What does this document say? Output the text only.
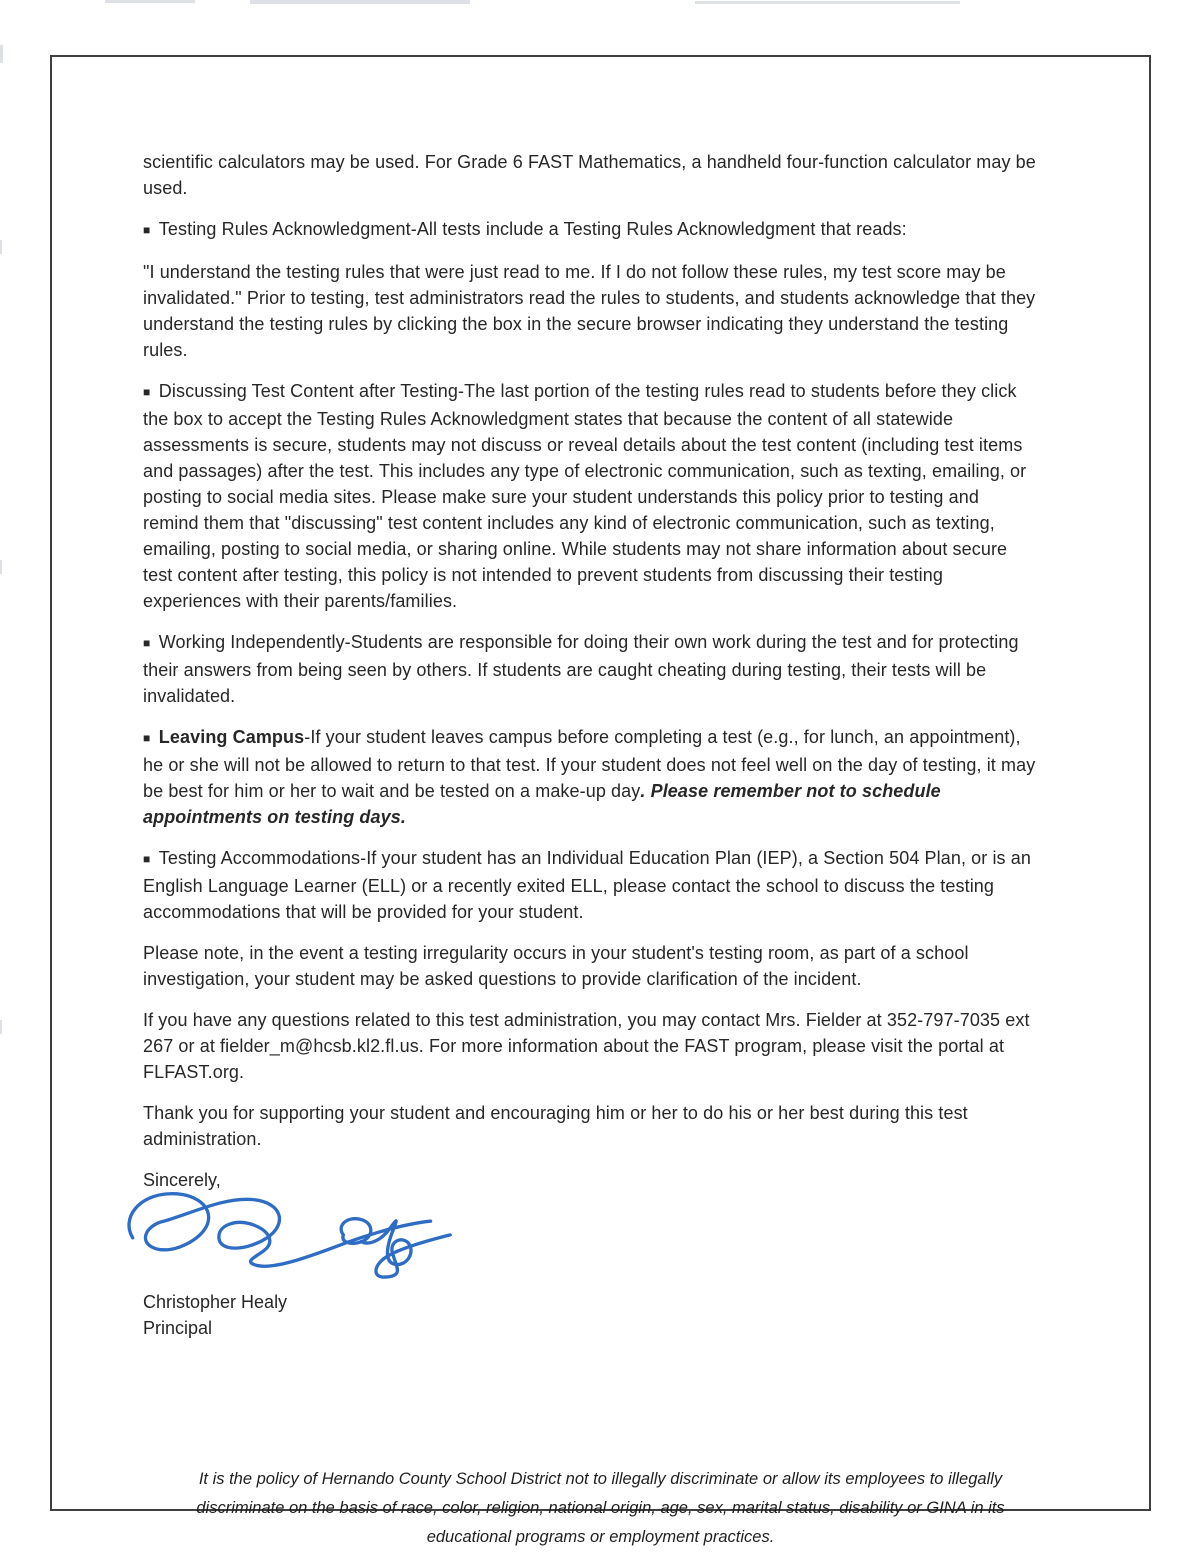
scientific calculators may be used. For Grade 6 FAST Mathematics, a handheld four-function calculator may be used.

■ Testing Rules Acknowledgment-All tests include a Testing Rules Acknowledgment that reads:

"I understand the testing rules that were just read to me. If I do not follow these rules, my test score may be invalidated." Prior to testing, test administrators read the rules to students, and students acknowledge that they understand the testing rules by clicking the box in the secure browser indicating they understand the testing rules.

■ Discussing Test Content after Testing-The last portion of the testing rules read to students before they click the box to accept the Testing Rules Acknowledgment states that because the content of all statewide assessments is secure, students may not discuss or reveal details about the test content (including test items and passages) after the test. This includes any type of electronic communication, such as texting, emailing, or posting to social media sites. Please make sure your student understands this policy prior to testing and remind them that "discussing" test content includes any kind of electronic communication, such as texting, emailing, posting to social media, or sharing online. While students may not share information about secure test content after testing, this policy is not intended to prevent students from discussing their testing experiences with their parents/families.

■ Working Independently-Students are responsible for doing their own work during the test and for protecting their answers from being seen by others. If students are caught cheating during testing, their tests will be invalidated.

■ Leaving Campus-If your student leaves campus before completing a test (e.g., for lunch, an appointment), he or she will not be allowed to return to that test. If your student does not feel well on the day of testing, it may be best for him or her to wait and be tested on a make-up day. Please remember not to schedule appointments on testing days.

■ Testing Accommodations-If your student has an Individual Education Plan (IEP), a Section 504 Plan, or is an English Language Learner (ELL) or a recently exited ELL, please contact the school to discuss the testing accommodations that will be provided for your student.

Please note, in the event a testing irregularity occurs in your student's testing room, as part of a school investigation, your student may be asked questions to provide clarification of the incident.

If you have any questions related to this test administration, you may contact Mrs. Fielder at 352-797-7035 ext 267 or at fielder_m@hcsb.kl2.fl.us. For more information about the FAST program, please visit the portal at FLFAST.org.

Thank you for supporting your student and encouraging him or her to do his or her best during this test administration.

Sincerely,

Christopher Healy
Principal
It is the policy of Hernando County School District not to illegally discriminate or allow its employees to illegally discriminate on the basis of race, color, religion, national origin, age, sex, marital status, disability or GINA in its educational programs or employment practices.
